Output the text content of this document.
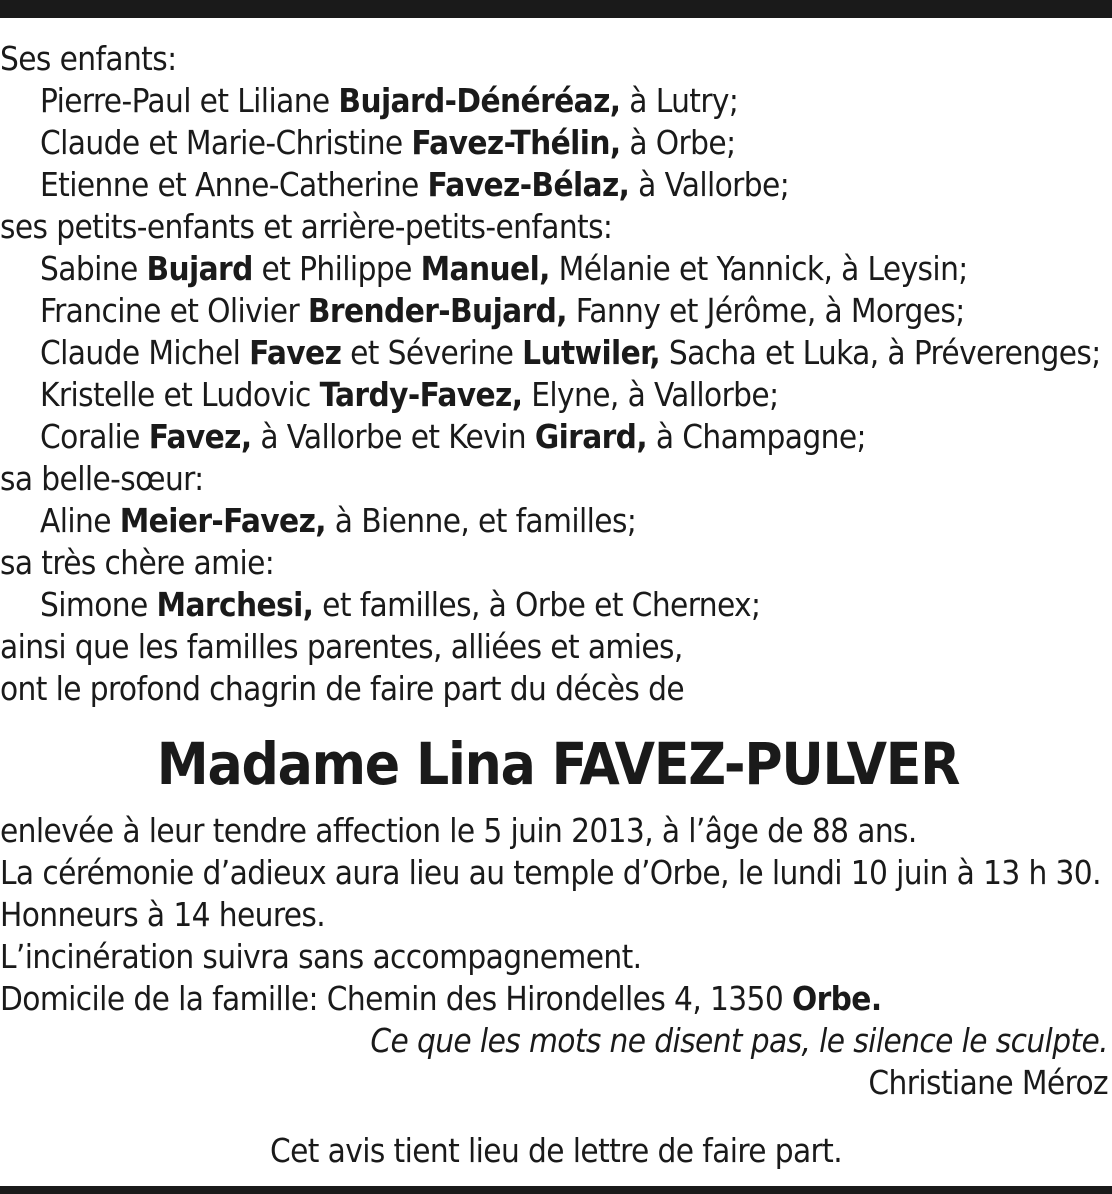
Ses enfants:
Pierre-Paul et Liliane Bujard-Dénéréaz, à Lutry;
Claude et Marie-Christine Favez-Thélin, à Orbe;
Etienne et Anne-Catherine Favez-Bélaz, à Vallorbe;
ses petits-enfants et arrière-petits-enfants:
Sabine Bujard et Philippe Manuel, Mélanie et Yannick, à Leysin;
Francine et Olivier Brender-Bujard, Fanny et Jérôme, à Morges;
Claude Michel Favez et Séverine Lutwiler, Sacha et Luka, à Préverenges;
Kristelle et Ludovic Tardy-Favez, Elyne, à Vallorbe;
Coralie Favez, à Vallorbe et Kevin Girard, à Champagne;
sa belle-sœur:
Aline Meier-Favez, à Bienne, et familles;
sa très chère amie:
Simone Marchesi, et familles, à Orbe et Chernex;
ainsi que les familles parentes, alliées et amies,
ont le profond chagrin de faire part du décès de
Madame Lina FAVEZ-PULVER
enlevée à leur tendre affection le 5 juin 2013, à l’âge de 88 ans.
La cérémonie d’adieux aura lieu au temple d’Orbe, le lundi 10 juin à 13 h 30.
Honneurs à 14 heures.
L’incinération suivra sans accompagnement.
Domicile de la famille: Chemin des Hirondelles 4, 1350 Orbe.
Ce que les mots ne disent pas, le silence le sculpte.
Christiane Méroz
Cet avis tient lieu de lettre de faire part.
